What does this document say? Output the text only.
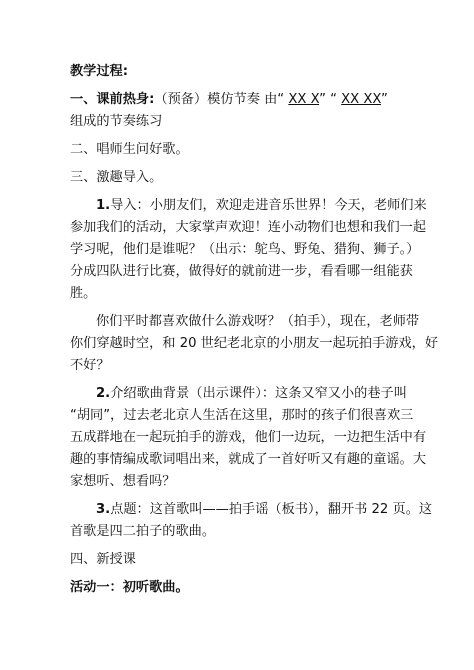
教学过程:
一、课前热身:（预备）模仿节奏 由“ XX X” “ XX XX”
组成的节奏练习
二、唱师生问好歌。
三、激趣导入。
1.导入：小朋友们，欢迎走进音乐世界！今天，老师们来
参加我们的活动，大家掌声欢迎！连小动物们也想和我们一起
学习呢，他们是谁呢？（出示：鸵鸟、野兔、猎狗、狮子。）
分成四队进行比赛，做得好的就前进一步，看看哪一组能获
胜。
你们平时都喜欢做什么游戏呀？（拍手），现在，老师带
你们穿越时空，和 20 世纪老北京的小朋友一起玩拍手游戏，好
不好？
2.介绍歌曲背景（出示课件）：这条又窄又小的巷子叫
“胡同”，过去老北京人生活在这里，那时的孩子们很喜欢三
五成群地在一起玩拍手的游戏，他们一边玩，一边把生活中有
趣的事情编成歌词唱出来，就成了一首好听又有趣的童谣。大
家想听、想看吗？
3.点题：这首歌叫——拍手谣（板书），翻开书 22 页。这
首歌是四二拍子的歌曲。
四、新授课
活动一：初听歌曲。
